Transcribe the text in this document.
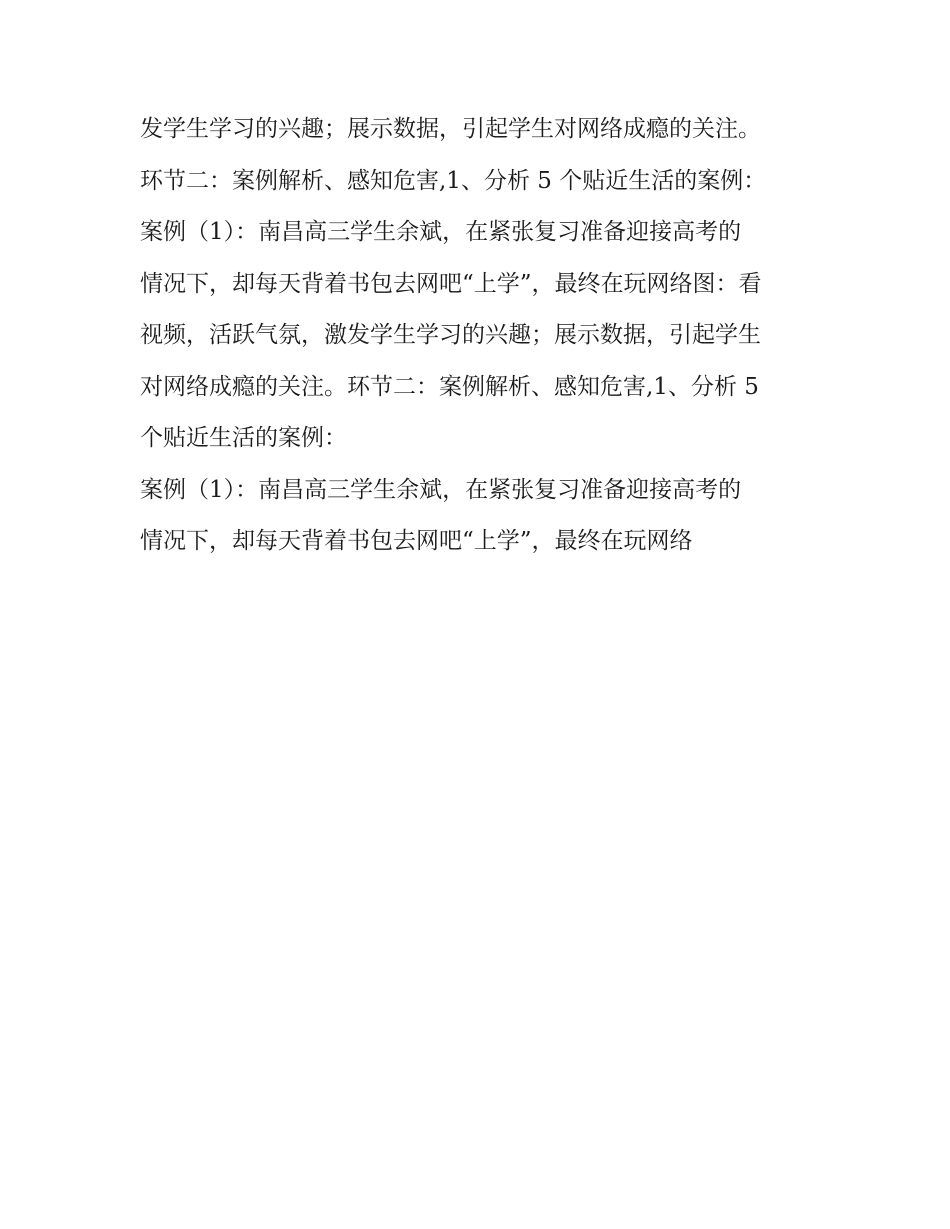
发学生学习的兴趣；展示数据，引起学生对网络成瘾的关注。
环节二：案例解析、感知危害,1、分析 5 个贴近生活的案例：
案例（1）：南昌高三学生余斌，在紧张复习准备迎接高考的
情况下，却每天背着书包去网吧“上学”，最终在玩网络图：看
视频，活跃气氛，激发学生学习的兴趣；展示数据，引起学生
对网络成瘾的关注。环节二：案例解析、感知危害,1、分析 5
个贴近生活的案例：
案例（1）：南昌高三学生余斌，在紧张复习准备迎接高考的
情况下，却每天背着书包去网吧“上学”，最终在玩网络
